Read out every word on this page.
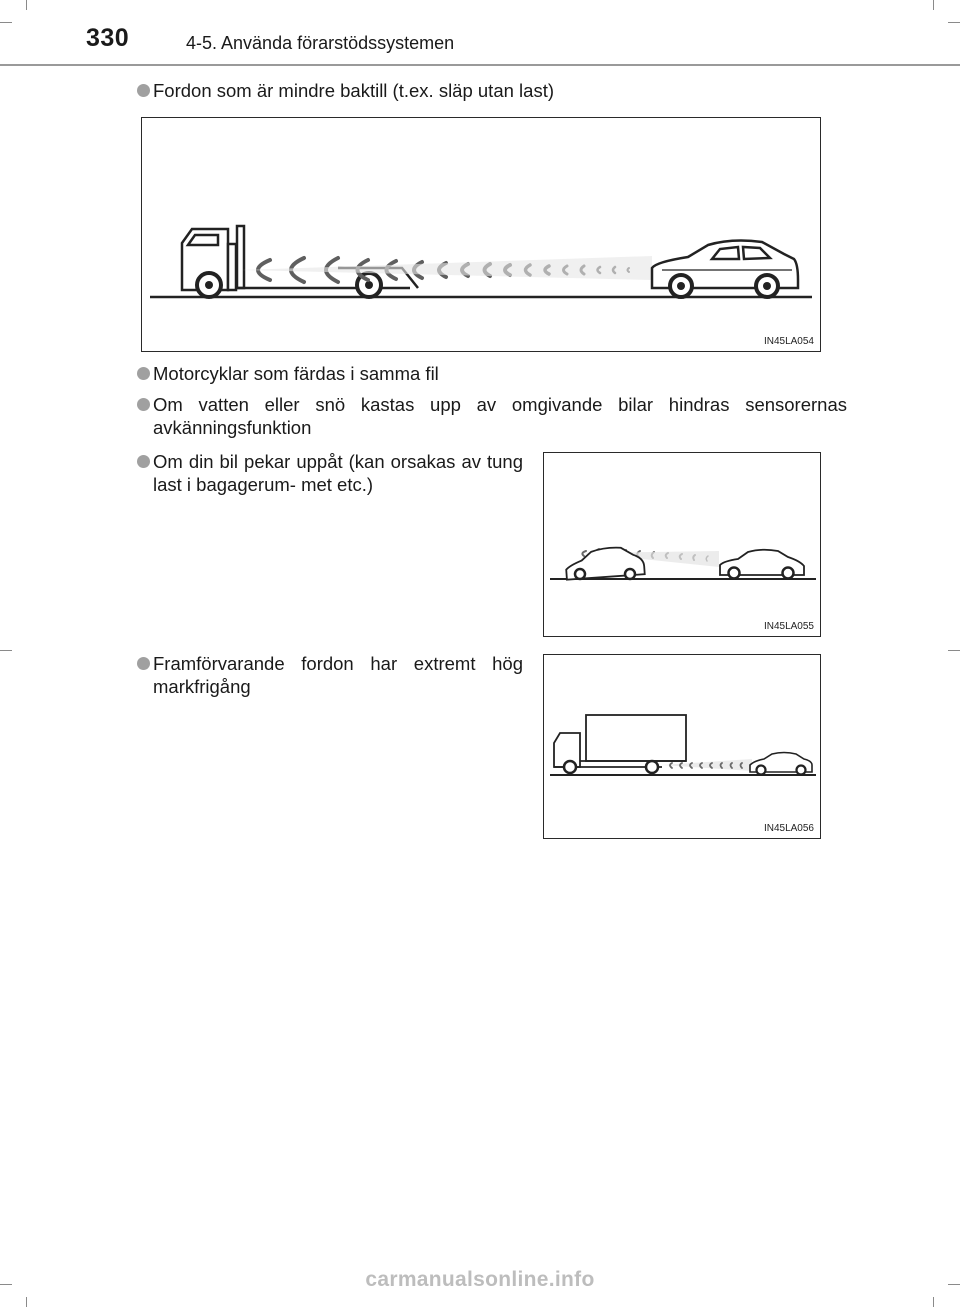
330	4-5. Använda förarstödssystemen
Fordon som är mindre baktill (t.ex. släp utan last)
IN45LA054
Motorcyklar som färdas i samma fil
Om vatten eller snö kastas upp av omgivande bilar hindras sensorernas avkänningsfunktion
Om din bil pekar uppåt (kan orsakas av tung last i bagagerum- met etc.)
IN45LA055
Framförvarande fordon har extremt hög markfrigång
IN45LA056
carmanualsonline.info
